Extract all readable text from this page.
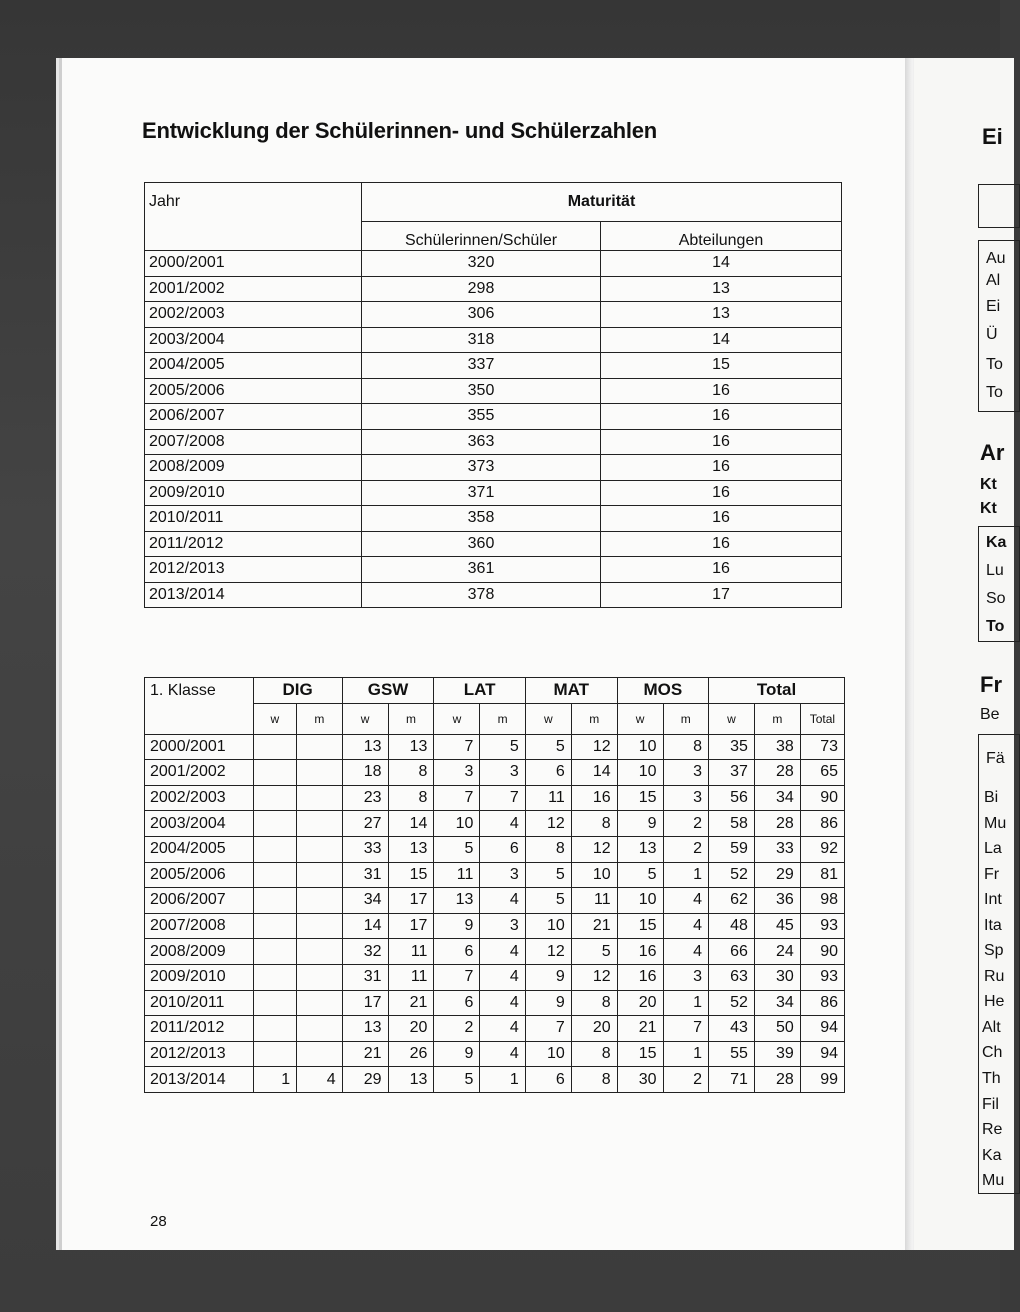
Entwicklung der Schülerinnen- und Schülerzahlen
Jahr	Maturität	
	Schülerinnen/Schüler	Abteilungen
2000/2001	320	14
2001/2002	298	13
2002/2003	306	13
2003/2004	318	14
2004/2005	337	15
2005/2006	350	16
2006/2007	355	16
2007/2008	363	16
2008/2009	373	16
2009/2010	371	16
2010/2011	358	16
2011/2012	360	16
2012/2013	361	16
2013/2014	378	17
1. Klasse	DIG		GSW		LAT		MAT		MOS		Total		
	w	m	w	m	w	m	w	m	w	m	w	m	Total
2000/2001			13	13	7	5	5	12	10	8	35	38	73
2001/2002			18	8	3	3	6	14	10	3	37	28	65
2002/2003			23	8	7	7	11	16	15	3	56	34	90
2003/2004			27	14	10	4	12	8	9	2	58	28	86
2004/2005			33	13	5	6	8	12	13	2	59	33	92
2005/2006			31	15	11	3	5	10	5	1	52	29	81
2006/2007			34	17	13	4	5	11	10	4	62	36	98
2007/2008			14	17	9	3	10	21	15	4	48	45	93
2008/2009			32	11	6	4	12	5	16	4	66	24	90
2009/2010			31	11	7	4	9	12	16	3	63	30	93
2010/2011			17	21	6	4	9	8	20	1	52	34	86
2011/2012			13	20	2	4	7	20	21	7	43	50	94
2012/2013			21	26	9	4	10	8	15	1	55	39	94
2013/2014	1	4	29	13	5	1	6	8	30	2	71	28	99
28
Ei
Au
Al
Ei
Ü
To
To
Ar
Kt
Kt
Ka
Lu
So
To
Fr
Be
Fä
Bi
Mu
La
Fr
Int
Ita
Sp
Ru
He
Alt
Ch
Th
Fil
Re
Ka
Mu
